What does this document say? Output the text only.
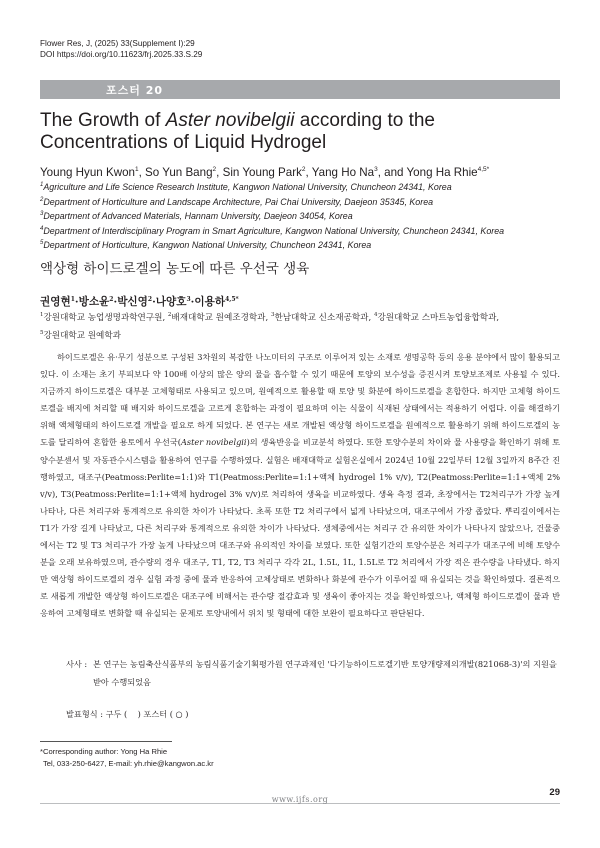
Flower Res, J, (2025) 33(Supplement I):29
DOI https://doi.org/10.11623/frj.2025.33.S.29
포스터 20
The Growth of Aster novibelgii according to the Concentrations of Liquid Hydrogel
Young Hyun Kwon$^1$, So Yun Bang$^2$, Sin Young Park$^2$, Yang Ho Na$^3$, and Yong Ha Rhie$^{4,5*}$
$^1$Agriculture and Life Science Research Institute, Kangwon National University, Chuncheon 24341, Korea
$^2$Department of Horticulture and Landscape Architecture, Pai Chai University, Daejeon 35345, Korea
$^3$Department of Advanced Materials, Hannam University, Daejeon 34054, Korea
$^4$Department of Interdisciplinary Program in Smart Agriculture, Kangwon National University, Chuncheon 24341, Korea
$^5$Department of Horticulture, Kangwon National University, Chuncheon 24341, Korea
액상형 하이드로겔의 농도에 따른 우선국 생육
권영현$^1$·방소윤$^2$·박신영$^2$·나양호$^3$·이용하$^{4,5*}$
$^1$강원대학교 농업생명과학연구원, $^2$배재대학교 원예조경학과, $^3$한남대학교 신소재공학과, $^4$강원대학교 스마트농업융합학과,
$^5$강원대학교 원예학과

하이드로겔은 유·무기 성분으로 구성된 3차원의 복잡한 나노미터의 구조로 이루어져 있는 소재로 생명공학 등의 응용 분야에서 많이 활용되고 있다. 이 소재는 초기 부피보다 약 100배 이상의 많은 양의 물을 흡수할 수 있기 때문에 토양의 보수성을 증진시켜 토양보조제로 사용될 수 있다. 지금까지 하이드로겔은 대부분 고체형태로 사용되고 있으며, 원예적으로 활용할 때 토양 및 화분에 하이드로겔을 혼합한다. 하지만 고체형 하이드로겔을 배지에 처리할 때 배지와 하이드로겔을 고르게 혼합하는 과정이 필요하며 이는 식물이 식재된 상태에서는 적용하기 어렵다. 이를 해결하기 위해 액체형태의 하이드로겔 개발을 필요로 하게 되었다. 본 연구는 새로 개발된 액상형 하이드로겔을 원예적으로 활용하기 위해 하이드로겔의 농도를 달리하여 혼합한 용토에서 우선국(Aster novibelgii)의 생육반응을 비교분석 하였다. 또한 토양수분의 차이와 물 사용량을 확인하기 위해 토양수분센서 및 자동관수시스템을 활용하여 연구를 수행하였다. 실험은 배재대학교 실험온실에서 2024년 10월 22일부터 12월 3일까지 8주간 진행하였고, 대조구(Peatmoss:Perlite=1:1)와 T1(Peatmoss:Perlite=1:1+액체 hydrogel 1% v/v), T2(Peatmoss:Perlite=1:1+액체 2% v/v), T3(Peatmoss:Perlite=1:1+액체 hydrogel 3% v/v)로 처리하여 생육을 비교하였다. 생육 측정 결과, 초장에서는 T2처리구가 가장 높게 나타나, 다른 처리구와 통계적으로 유의한 차이가 나타났다. 초폭 또한 T2 처리구에서 넓게 나타났으며, 대조구에서 가장 좁았다. 뿌리길이에서는 T1가 가장 길게 나타났고, 다른 처리구와 통계적으로 유의한 차이가 나타났다. 생체중에서는 처리구 간 유의한 차이가 나타나지 않았으나, 건물중에서는 T2 및 T3 처리구가 가장 높게 나타났으며 대조구와 유의적인 차이를 보였다. 또한 실험기간의 토양수분은 처리구가 대조구에 비해 토양수분을 오래 보유하였으며, 관수량의 경우 대조구, T1, T2, T3 처리구 각각 2L, 1.5L, 1L, 1.5L로 T2 처리에서 가장 적은 관수량을 나타냈다. 하지만 액상형 하이드로겔의 경우 실험 과정 중에 물과 반응하여 고체상태로 변화하나 화분에 관수가 이루어질 때 유실되는 것을 확인하였다. 결론적으로 새롭게 개발한 액상형 하이드로겔은 대조구에 비해서는 관수량 절감효과 및 생육이 좋아지는 것을 확인하였으나, 액체형 하이드로겔이 물과 반응하여 고체형태로 변화할 때 유실되는 문제로 토양내에서 위치 및 형태에 대한 보완이 필요하다고 판단된다.

사사 : 본 연구는 농림축산식품부의 농림식품기술기획평가원 연구과제인 '다기능하이드로겔기반 토양개량제의개발(821068-3)'의 지원을 받아 수행되었음
발표형식 : 구두 (    ) 포스터 ( ○ )
*Corresponding author: Yong Ha Rhie
Tel, 033-250-6427, E-mail: yh.rhie@kangwon.ac.kr
29
www.ijfs.org
